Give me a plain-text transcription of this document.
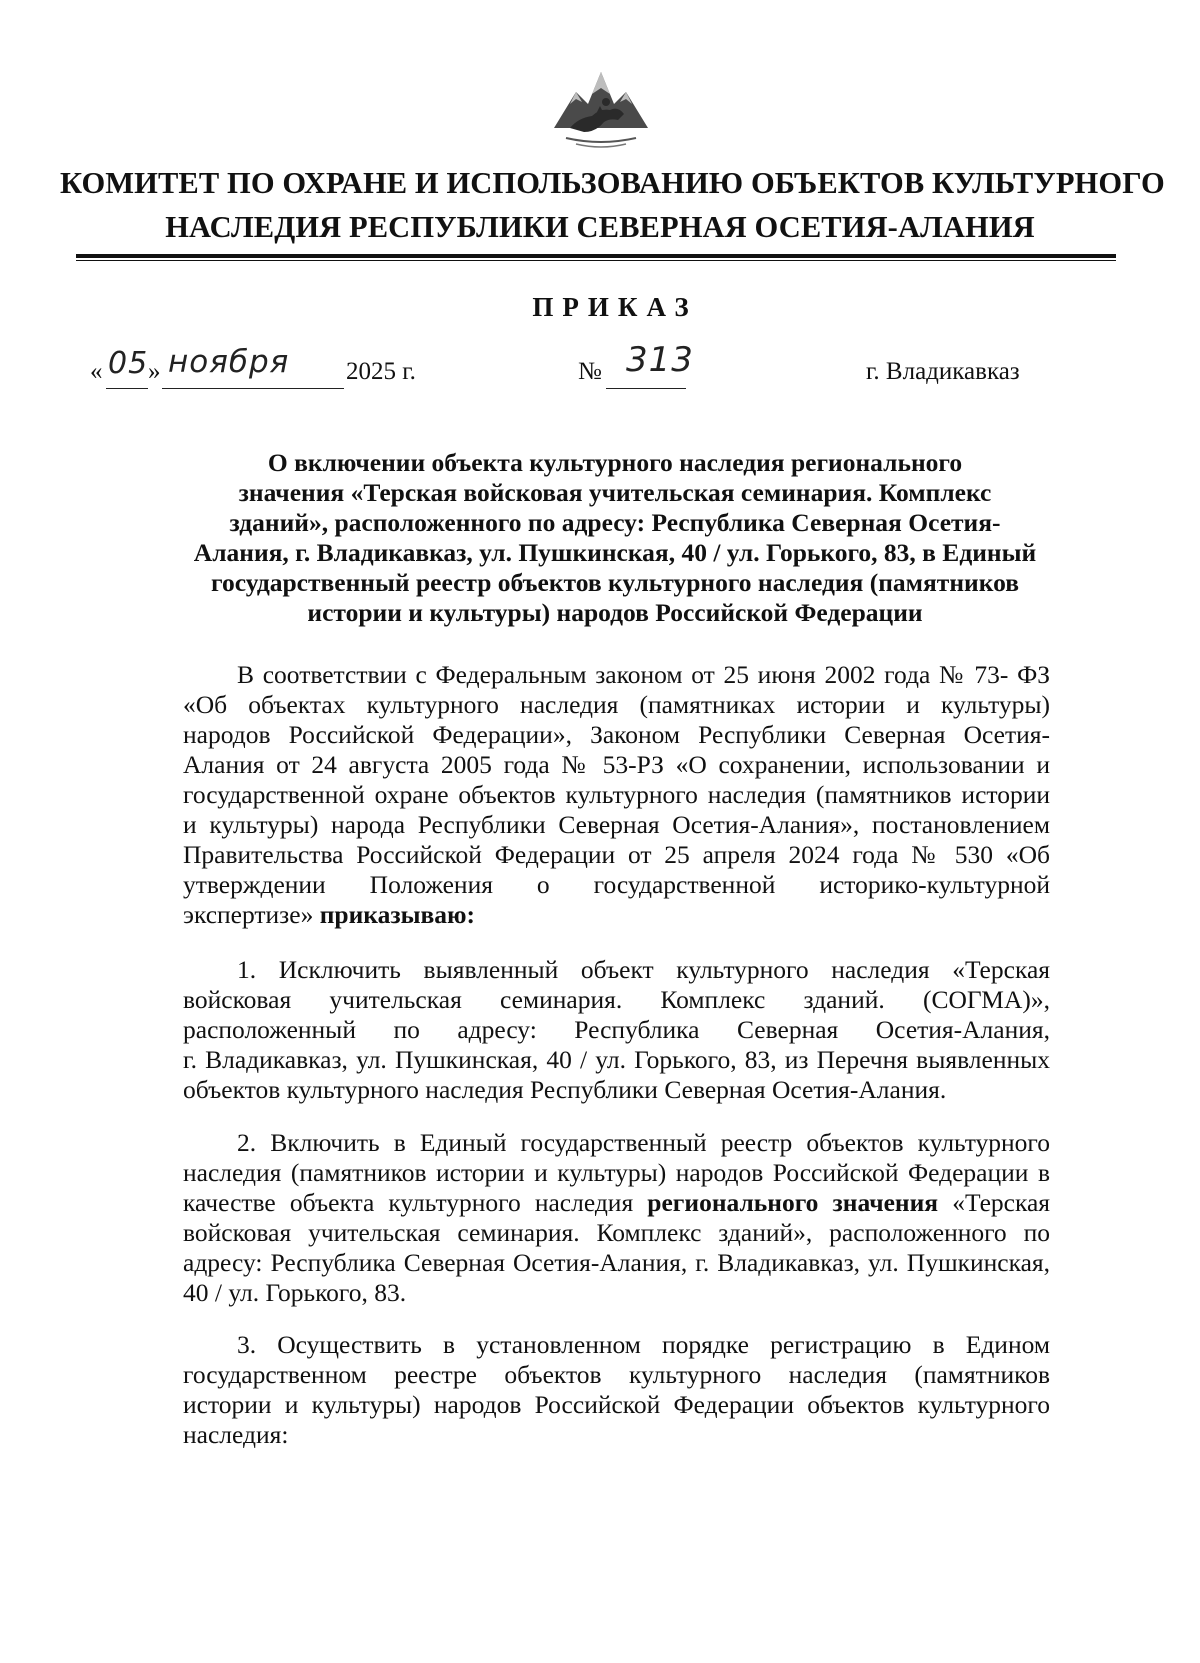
КОМИТЕТ ПО ОХРАНЕ И ИСПОЛЬЗОВАНИЮ ОБЪЕКТОВ КУЛЬТУРНОГО
НАСЛЕДИЯ РЕСПУБЛИКИ СЕВЕРНАЯ ОСЕТИЯ-АЛАНИЯ
ПРИКАЗ
« 05 » ноября 2025 г.	№ 313	г. Владикавказ
О включении объекта культурного наследия регионального
значения «Терская войсковая учительская семинария. Комплекс
зданий», расположенного по адресу: Республика Северная Осетия-
Алания, г. Владикавказ, ул. Пушкинская, 40 / ул. Горького, 83, в Единый
государственный реестр объектов культурного наследия (памятников
истории и культуры) народов Российской Федерации
В соответствии с Федеральным законом от 25 июня 2002 года № 73- ФЗ
«Об объектах культурного наследия (памятниках истории и культуры)
народов Российской Федерации», Законом Республики Северная Осетия-
Алания от 24 августа 2005 года № 53-РЗ «О сохранении, использовании и
государственной охране объектов культурного наследия (памятников истории
и культуры) народа Республики Северная Осетия-Алания», постановлением
Правительства Российской Федерации от 25 апреля 2024 года № 530 «Об
утверждении Положения о государственной историко-культурной
экспертизе» приказываю:
1. Исключить выявленный объект культурного наследия «Терская
войсковая учительская семинария. Комплекс зданий. (СОГМА)»,
расположенный по адресу: Республика Северная Осетия-Алания,
г. Владикавказ, ул. Пушкинская, 40 / ул. Горького, 83, из Перечня выявленных
объектов культурного наследия Республики Северная Осетия-Алания.
2. Включить в Единый государственный реестр объектов культурного
наследия (памятников истории и культуры) народов Российской Федерации в
качестве объекта культурного наследия регионального значения «Терская
войсковая учительская семинария. Комплекс зданий», расположенного по
адресу: Республика Северная Осетия-Алания, г. Владикавказ, ул. Пушкинская,
40 / ул. Горького, 83.
3. Осуществить в установленном порядке регистрацию в Едином
государственном реестре объектов культурного наследия (памятников
истории и культуры) народов Российской Федерации объектов культурного
наследия:
